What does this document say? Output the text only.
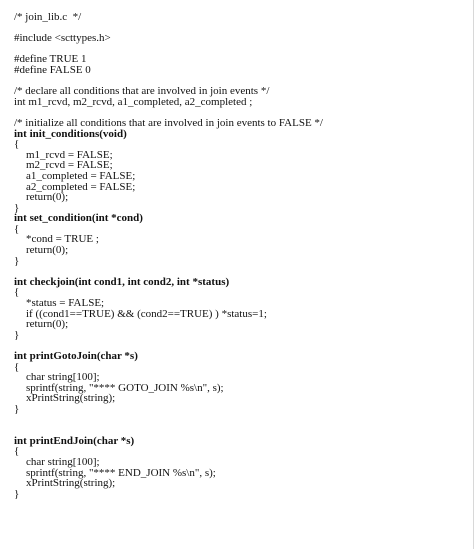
/* join_lib.c  */
#include <scttypes.h>
#define TRUE 1
#define FALSE 0
/* declare all conditions that are involved in join events */
int m1_rcvd, m2_rcvd, a1_completed, a2_completed ;
/* initialize all conditions that are involved in join events to FALSE */
int init_conditions(void)
{
m1_rcvd = FALSE;
m2_rcvd = FALSE;
a1_completed = FALSE;
a2_completed = FALSE;
return(0);
}
int set_condition(int *cond)
{
*cond = TRUE ;
return(0);
}
int checkjoin(int cond1, int cond2, int *status)
{
*status = FALSE;
if ((cond1==TRUE) && (cond2==TRUE) ) *status=1;
return(0);
}
int printGotoJoin(char *s)
{
char string[100];
sprintf(string, "**** GOTO_JOIN %s\n", s);
xPrintString(string);
}
int printEndJoin(char *s)
{
char string[100];
sprintf(string, "**** END_JOIN %s\n", s);
xPrintString(string);
}
